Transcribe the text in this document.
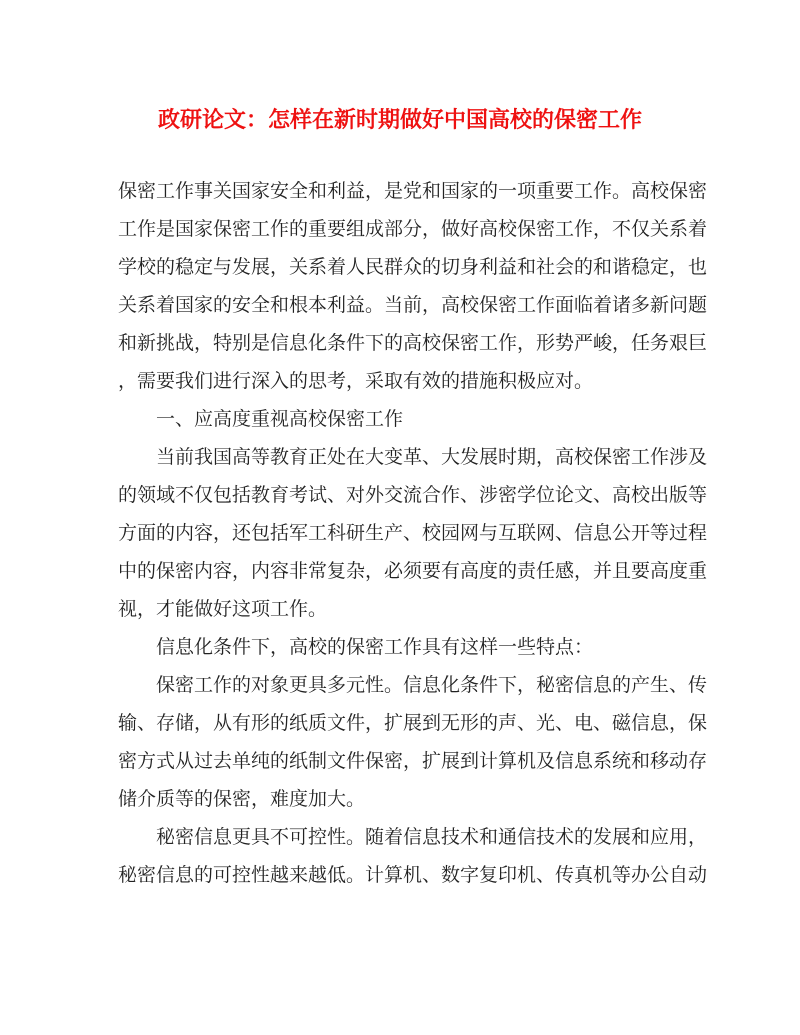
政研论文：怎样在新时期做好中国高校的保密工作
保密工作事关国家安全和利益，是党和国家的一项重要工作。高校保密
工作是国家保密工作的重要组成部分，做好高校保密工作，不仅关系着
学校的稳定与发展，关系着人民群众的切身利益和社会的和谐稳定，也
关系着国家的安全和根本利益。当前，高校保密工作面临着诸多新问题
和新挑战，特别是信息化条件下的高校保密工作，形势严峻，任务艰巨
，需要我们进行深入的思考，采取有效的措施积极应对。
一、应高度重视高校保密工作
当前我国高等教育正处在大变革、大发展时期，高校保密工作涉及
的领域不仅包括教育考试、对外交流合作、涉密学位论文、高校出版等
方面的内容，还包括军工科研生产、校园网与互联网、信息公开等过程
中的保密内容，内容非常复杂，必须要有高度的责任感，并且要高度重
视，才能做好这项工作。
信息化条件下，高校的保密工作具有这样一些特点：
保密工作的对象更具多元性。信息化条件下，秘密信息的产生、传
输、存储，从有形的纸质文件，扩展到无形的声、光、电、磁信息，保
密方式从过去单纯的纸制文件保密，扩展到计算机及信息系统和移动存
储介质等的保密，难度加大。
秘密信息更具不可控性。随着信息技术和通信技术的发展和应用，
秘密信息的可控性越来越低。计算机、数字复印机、传真机等办公自动
